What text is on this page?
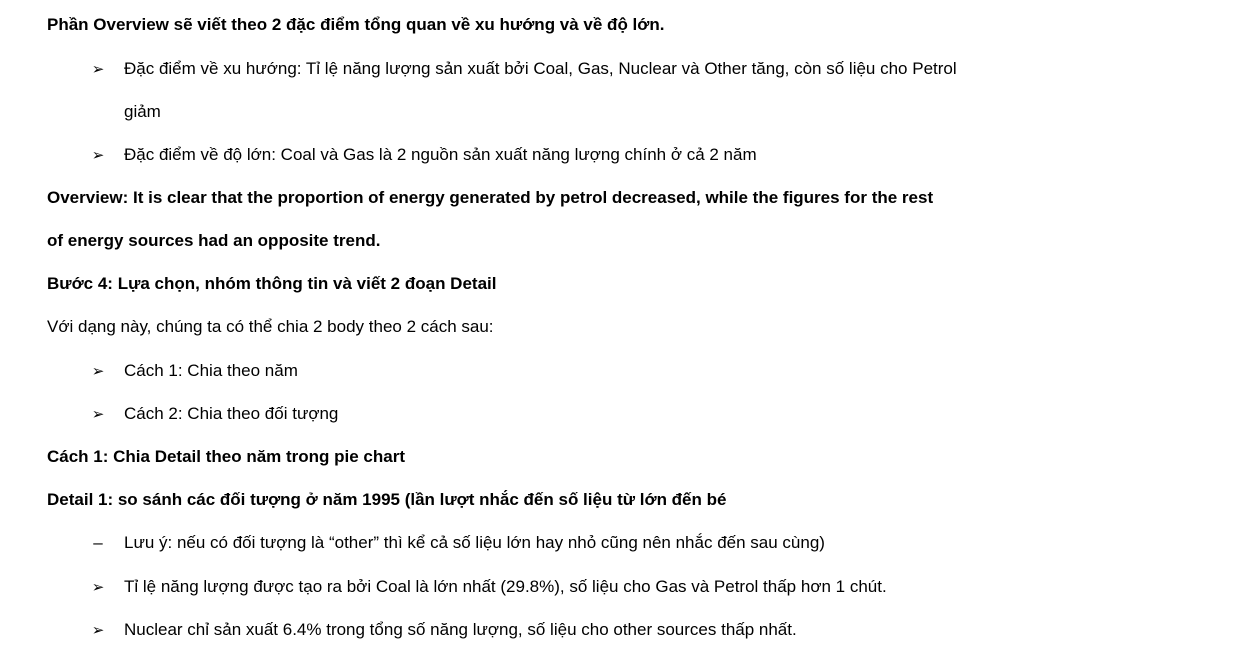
Phần Overview sẽ viết theo 2 đặc điểm tổng quan về xu hướng và về độ lớn.
➢ Đặc điểm về xu hướng: Tỉ lệ năng lượng sản xuất bởi Coal, Gas, Nuclear và Other tăng, còn số liệu cho Petrol
giảm
➢ Đặc điểm về độ lớn: Coal và Gas là 2 nguồn sản xuất năng lượng chính ở cả 2 năm
Overview: It is clear that the proportion of energy generated by petrol decreased, while the figures for the rest
of energy sources had an opposite trend.
Bước 4: Lựa chọn, nhóm thông tin và viết 2 đoạn Detail
Với dạng này, chúng ta có thể chia 2 body theo 2 cách sau:
➢ Cách 1: Chia theo năm
➢ Cách 2: Chia theo đối tượng
Cách 1: Chia Detail theo năm trong pie chart
Detail 1: so sánh các đối tượng ở năm 1995 (lần lượt nhắc đến số liệu từ lớn đến bé
–	Lưu ý: nếu có đối tượng là “other” thì kể cả số liệu lớn hay nhỏ cũng nên nhắc đến sau cùng)
➢ Tỉ lệ năng lượng được tạo ra bởi Coal là lớn nhất (29.8%), số liệu cho Gas và Petrol thấp hơn 1 chút.
➢ Nuclear chỉ sản xuất 6.4% trong tổng số năng lượng, số liệu cho other sources thấp nhất.
